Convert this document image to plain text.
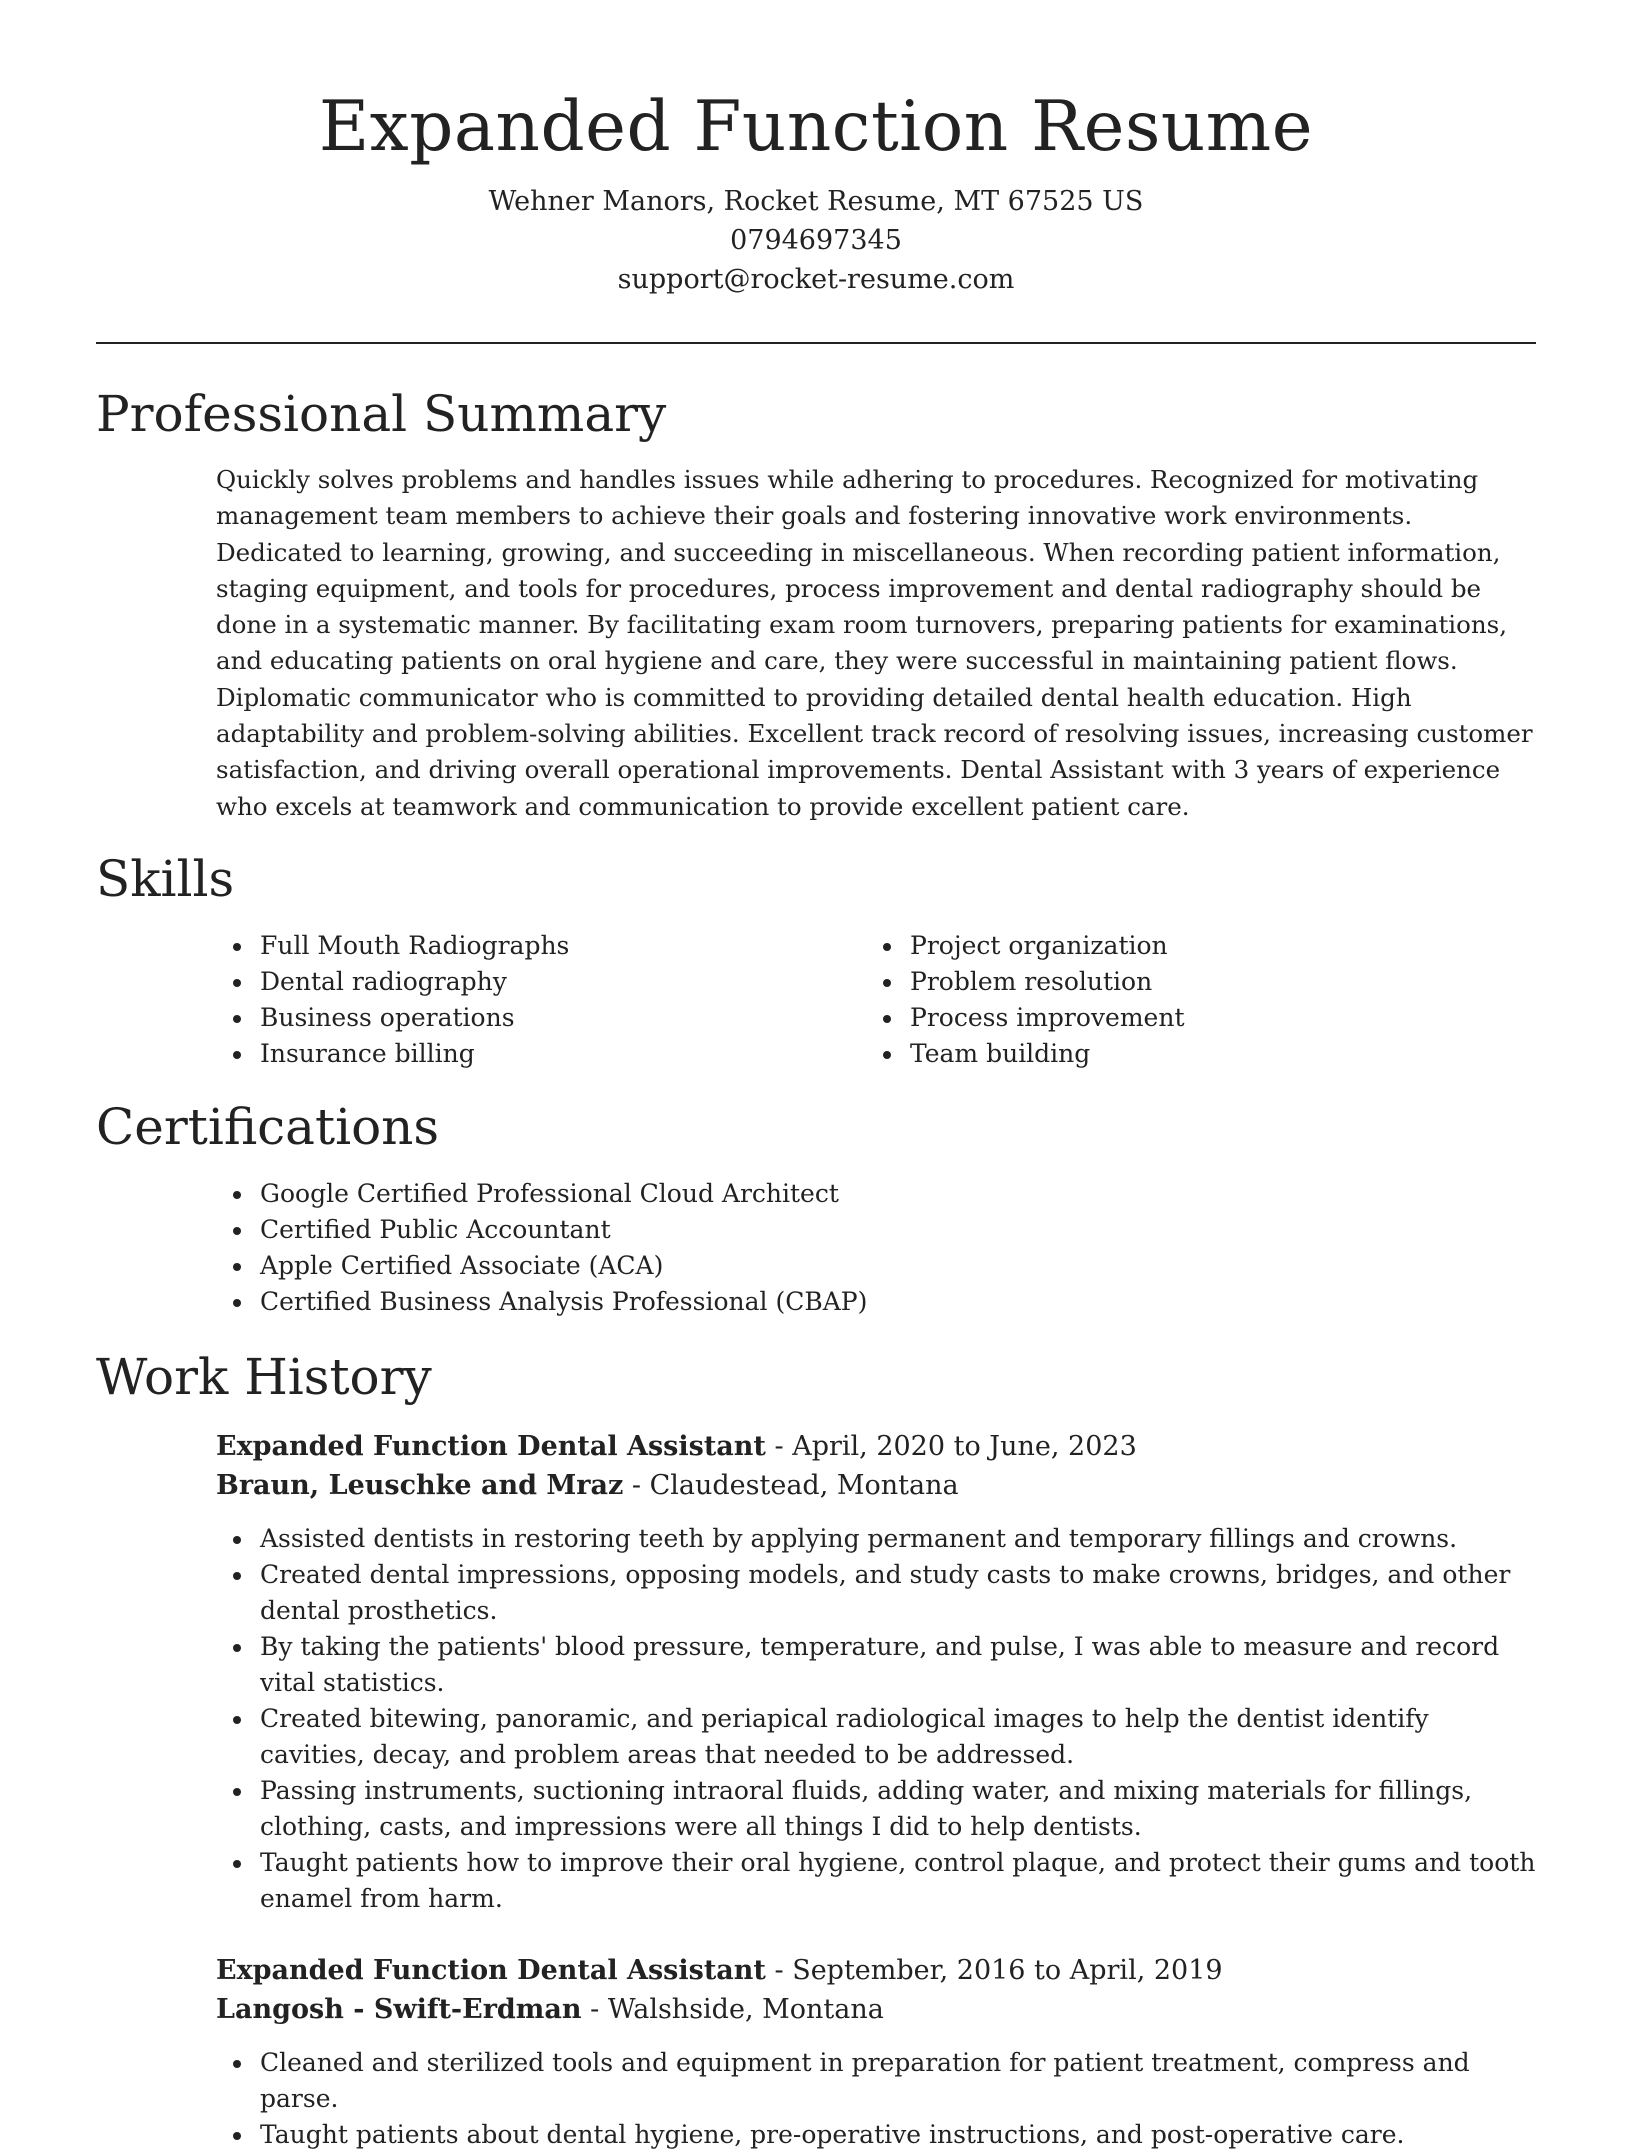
Expanded Function Resume
Wehner Manors, Rocket Resume, MT 67525 US
0794697345
support@rocket-resume.com
Professional Summary

Quickly solves problems and handles issues while adhering to procedures. Recognized for motivating management team members to achieve their goals and fostering innovative work environments. Dedicated to learning, growing, and succeeding in miscellaneous. When recording patient information, staging equipment, and tools for procedures, process improvement and dental radiography should be done in a systematic manner. By facilitating exam room turnovers, preparing patients for examinations, and educating patients on oral hygiene and care, they were successful in maintaining patient flows. Diplomatic communicator who is committed to providing detailed dental health education. High adaptability and problem-solving abilities. Excellent track record of resolving issues, increasing customer satisfaction, and driving overall operational improvements. Dental Assistant with 3 years of experience who excels at teamwork and communication to provide excellent patient care.

Skills
Full Mouth Radiographs
Dental radiography
Business operations
Insurance billing
Project organization
Problem resolution
Process improvement
Team building
Certifications
Google Certified Professional Cloud Architect
Certified Public Accountant
Apple Certified Associate (ACA)
Certified Business Analysis Professional (CBAP)
Work History
Expanded Function Dental Assistant - April, 2020 to June, 2023
Braun, Leuschke and Mraz - Claudestead, Montana
Assisted dentists in restoring teeth by applying permanent and temporary fillings and crowns.
Created dental impressions, opposing models, and study casts to make crowns, bridges, and other dental prosthetics.
By taking the patients' blood pressure, temperature, and pulse, I was able to measure and record vital statistics.
Created bitewing, panoramic, and periapical radiological images to help the dentist identify cavities, decay, and problem areas that needed to be addressed.
Passing instruments, suctioning intraoral fluids, adding water, and mixing materials for fillings, clothing, casts, and impressions were all things I did to help dentists.
Taught patients how to improve their oral hygiene, control plaque, and protect their gums and tooth enamel from harm.
Expanded Function Dental Assistant - September, 2016 to April, 2019
Langosh - Swift-Erdman - Walshside, Montana
Cleaned and sterilized tools and equipment in preparation for patient treatment, compress and parse.
Taught patients about dental hygiene, pre-operative instructions, and post-operative care.
